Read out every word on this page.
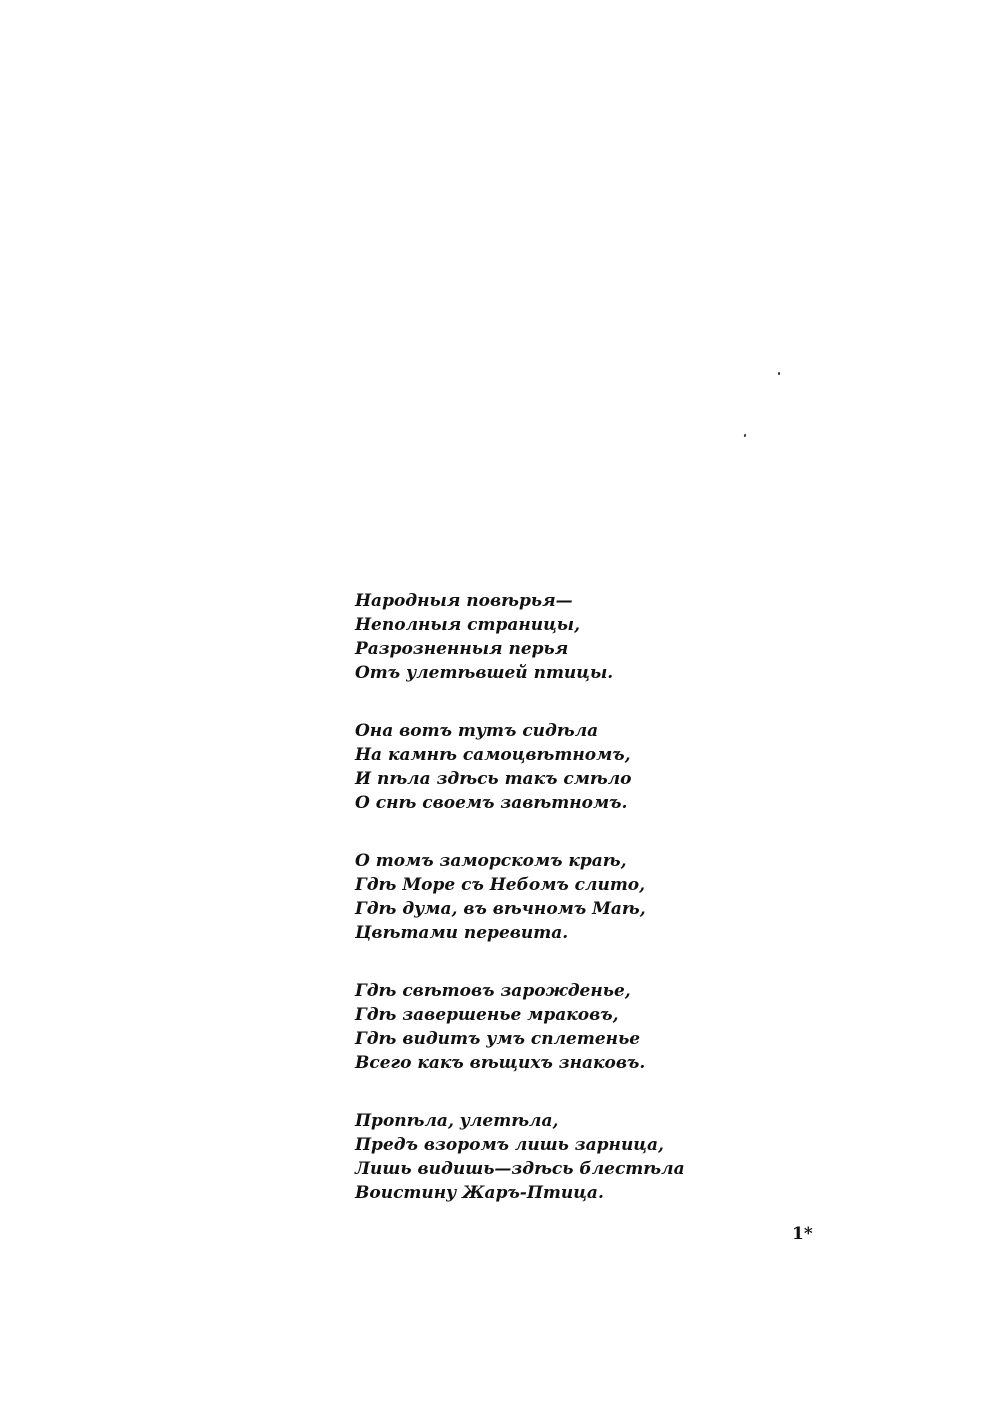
Народныя повѣрья—
Неполныя страницы,
Разрозненныя перья
Отъ улетѣвшей птицы.
Она вотъ тутъ сидѣла
На камнѣ самоцвѣтномъ,
И пѣла здѣсь такъ смѣло
О снѣ своемъ завѣтномъ.
О томъ заморскомъ краѣ,
Гдѣ Море съ Небомъ слито,
Гдѣ дума, въ вѣчномъ Маѣ,
Цвѣтами перевита.
Гдѣ свѣтовъ зарожденье,
Гдѣ завершенье мраковъ,
Гдѣ видитъ умъ сплетенье
Всего какъ вѣщихъ знаковъ.
Пропѣла, улетѣла,
Предъ взоромъ лишь зарница,
Лишь видишь—здѣсь блестѣла
Воистину Жаръ-Птица.
1*
